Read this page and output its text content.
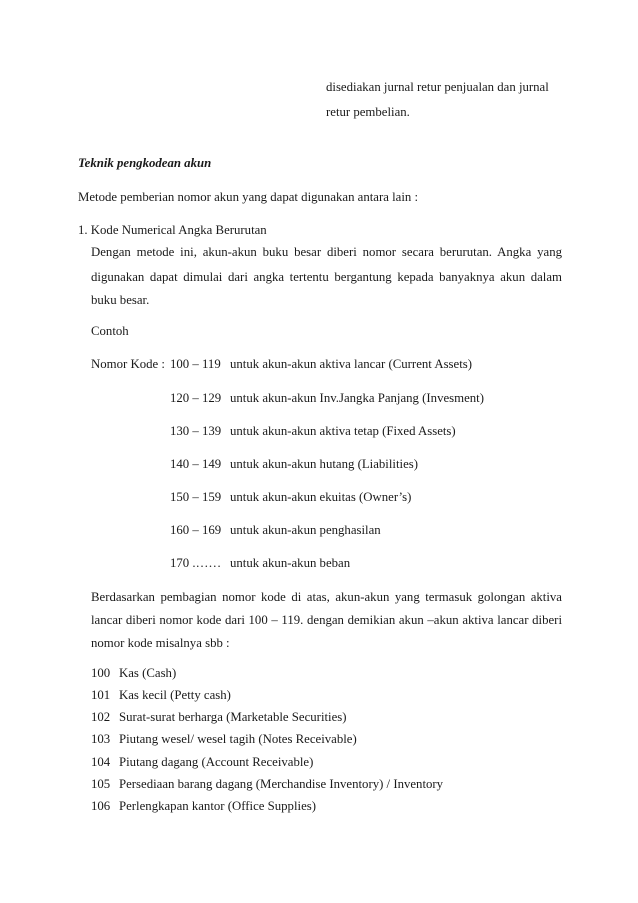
disediakan jurnal retur penjualan dan jurnal
retur pembelian.
Teknik pengkodean akun
Metode pemberian nomor akun yang dapat digunakan antara lain :
1. Kode Numerical Angka Berurutan
Dengan metode ini, akun-akun buku besar diberi nomor secara berurutan. Angka yang
digunakan dapat dimulai dari angka tertentu bergantung kepada banyaknya akun dalam
buku besar.
Contoh
Nomor Kode : 100 – 119 untuk akun-akun aktiva lancar (Current Assets)
120 – 129 untuk akun-akun Inv.Jangka Panjang (Invesment)
130 – 139 untuk akun-akun aktiva tetap (Fixed Assets)
140 – 149 untuk akun-akun hutang (Liabilities)
150 – 159 untuk akun-akun ekuitas (Owner’s)
160 – 169 untuk akun-akun penghasilan
170 .…… untuk akun-akun beban
Berdasarkan pembagian nomor kode di atas, akun-akun yang termasuk golongan aktiva
lancar diberi nomor kode dari 100 – 119. dengan demikian akun –akun aktiva lancar diberi
nomor kode misalnya sbb :
100 Kas (Cash)
101 Kas kecil (Petty cash)
102 Surat-surat berharga (Marketable Securities)
103 Piutang wesel/ wesel tagih (Notes Receivable)
104 Piutang dagang (Account Receivable)
105 Persediaan barang dagang (Merchandise Inventory) / Inventory
106 Perlengkapan kantor (Office Supplies)
